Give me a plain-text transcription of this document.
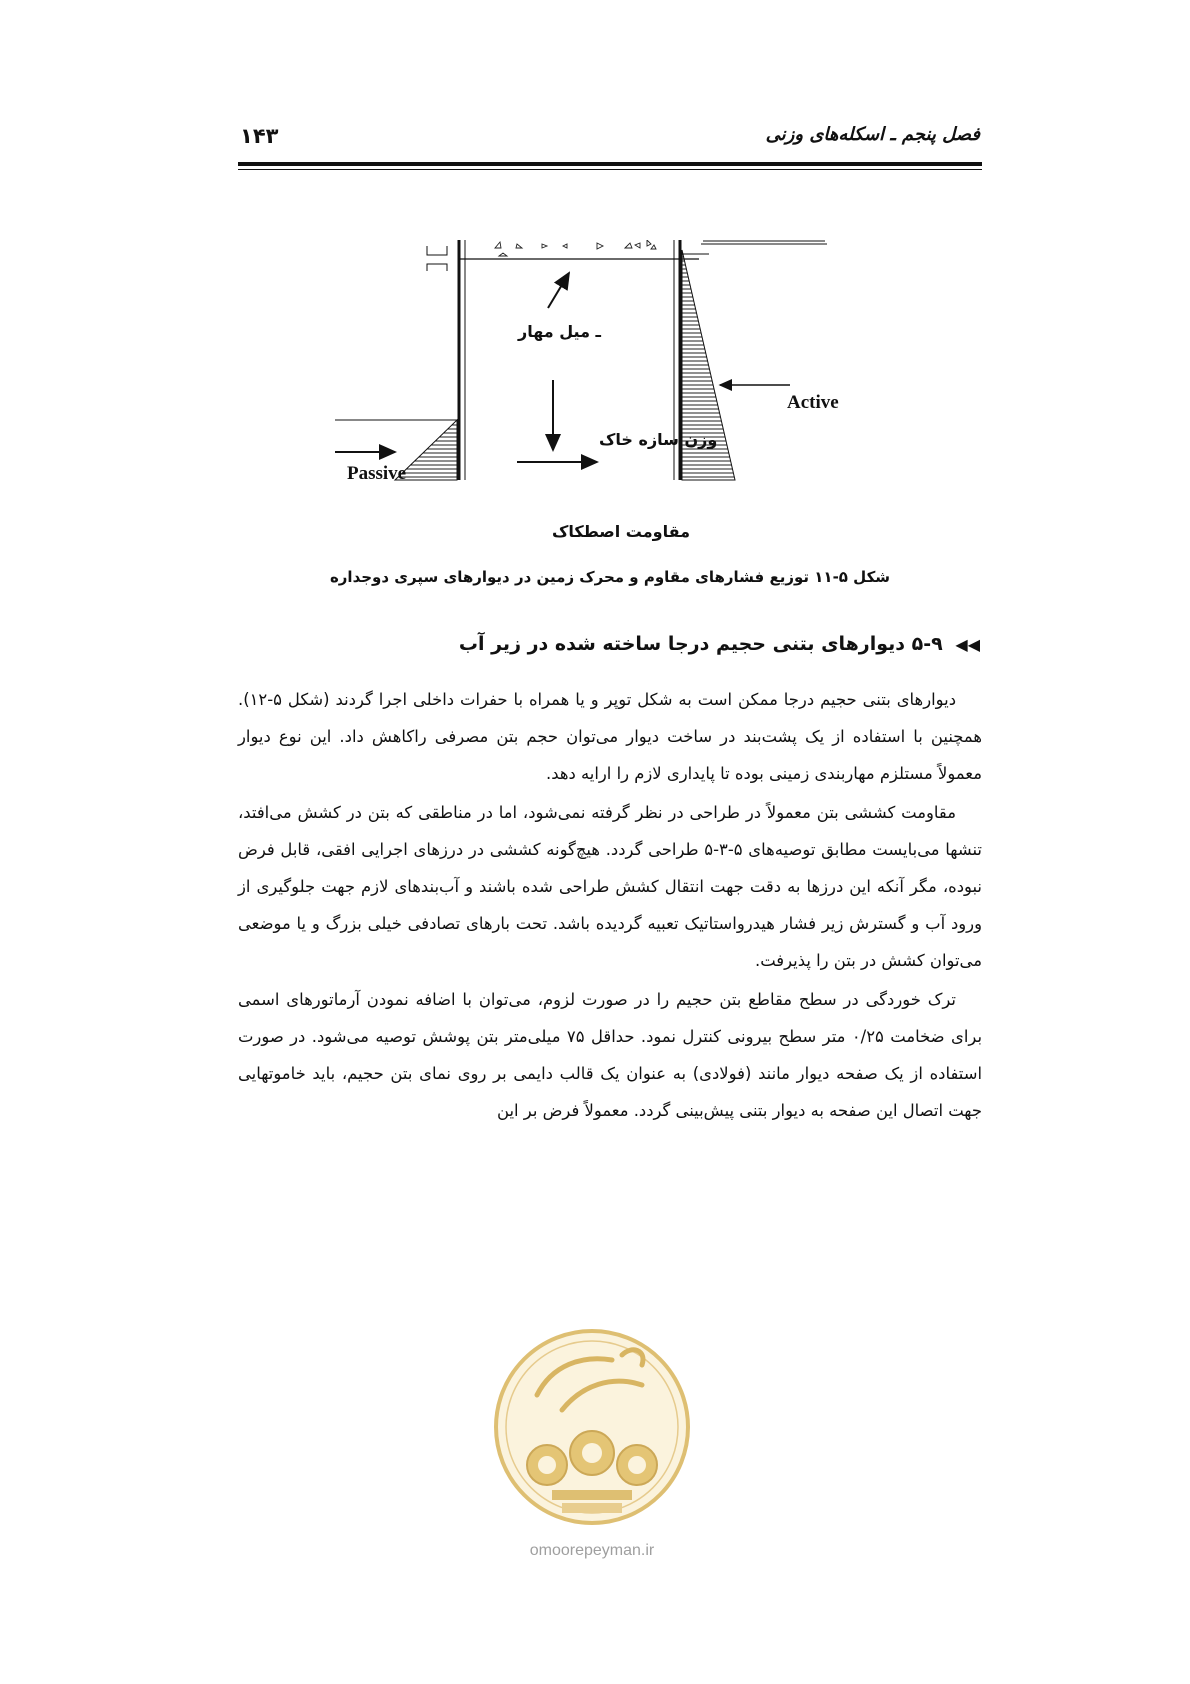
۱۴۳	فصل پنجم ـ اسکله‌های وزنی
ـ میل مهار
Active
Passive
وزن سازه خاک
مقاومت اصطکاک
شکل ۵-۱۱ توزیع فشارهای مقاوم و محرک زمین در دیوارهای سپری دوجداره
◀◀ ۵-۹ دیوارهای بتنی حجیم درجا ساخته شده در زیر آب

دیوارهای بتنی حجیم درجا ممکن است به شکل توپر و یا همراه با حفرات داخلی اجرا گردند (شکل ۵-۱۲). همچنین با استفاده از یک پشت‌بند در ساخت دیوار می‌توان حجم بتن مصرفی راکاهش داد. این نوع دیوار معمولاً مستلزم مهاربندی زمینی بوده تا پایداری لازم را ارایه دهد.

مقاومت کششی بتن معمولاً در طراحی در نظر گرفته نمی‌شود، اما در مناطقی که بتن در کشش می‌افتد، تنشها می‌بایست مطابق توصیه‌های ۵-۳-۵ طراحی گردد. هیچ‌گونه کششی در درزهای اجرایی افقی، قابل فرض نبوده، مگر آنکه این درزها به دقت جهت انتقال کشش طراحی شده باشند و آب‌بندهای لازم جهت جلوگیری از ورود آب و گسترش زیر فشار هیدرواستاتیک تعبیه گردیده باشد. تحت بارهای تصادفی خیلی بزرگ و یا موضعی می‌توان کشش در بتن را پذیرفت.

ترک خوردگی در سطح مقاطع بتن حجیم را در صورت لزوم، می‌توان با اضافه نمودن آرماتورهای اسمی برای ضخامت ۰/۲۵ متر سطح بیرونی کنترل نمود. حداقل ۷۵ میلی‌متر بتن پوشش توصیه می‌شود. در صورت استفاده از یک صفحه دیوار مانند (فولادی) به عنوان یک قالب دایمی بر روی نمای بتن حجیم، باید خاموتهایی جهت اتصال این صفحه به دیوار بتنی پیش‌بینی گردد. معمولاً فرض بر این

omoorepeyman.ir
